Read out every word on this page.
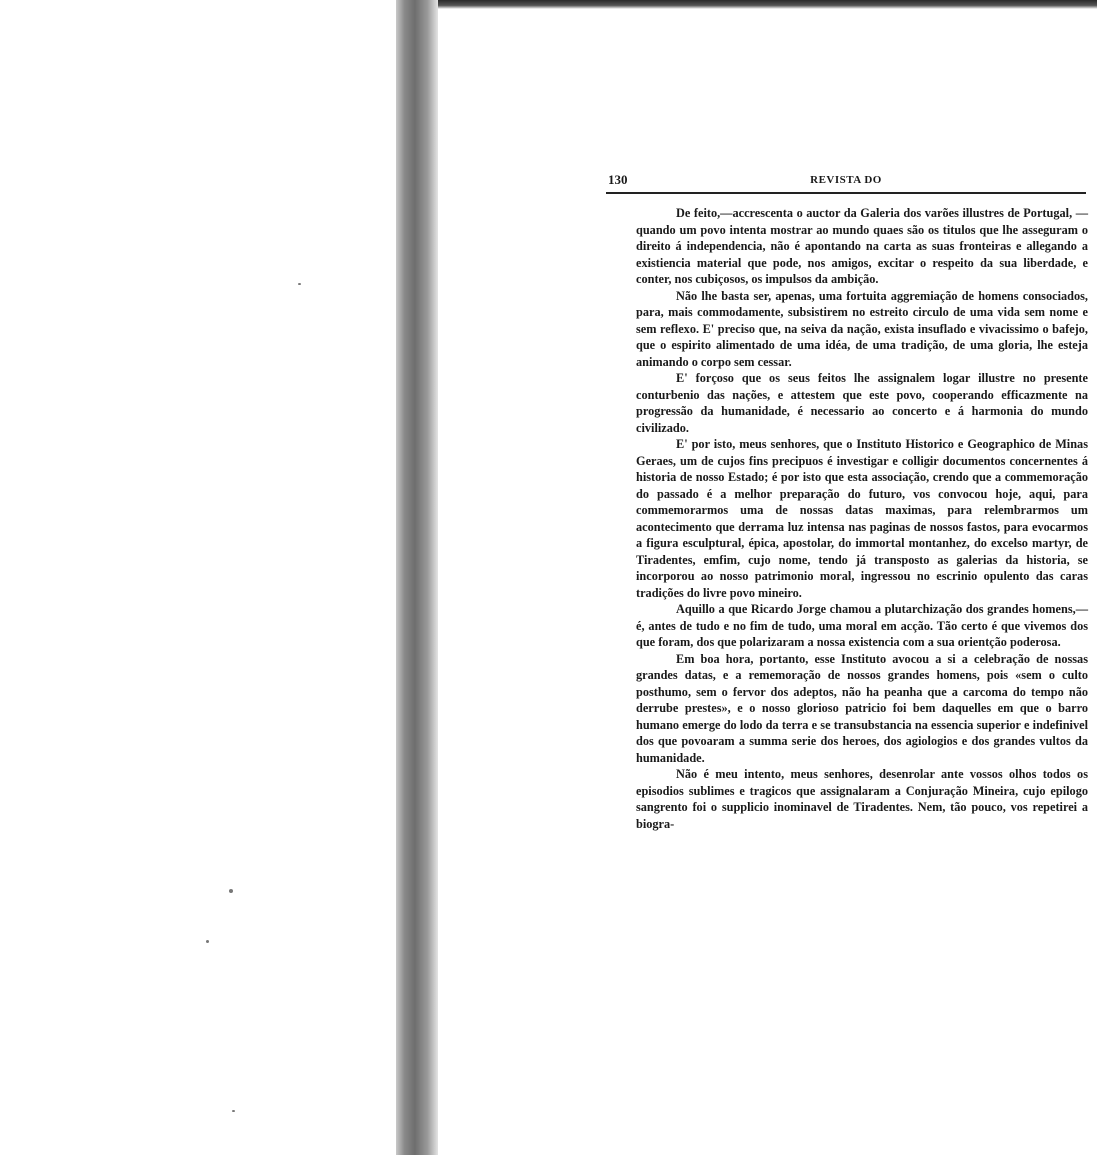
130	REVISTA DO

De feito,—accrescenta o auctor da Galeria dos varões illustres de Portugal, — quando um povo intenta mostrar ao mundo quaes são os titulos que lhe asseguram o direito á independencia, não é apontando na carta as suas fronteiras e allegando a existiencia material que pode, nos amigos, excitar o respeito da sua liberdade, e conter, nos cubiçosos, os impulsos da ambição.

Não lhe basta ser, apenas, uma fortuita aggremiação de homens consociados, para, mais commodamente, subsistirem no estreito circulo de uma vida sem nome e sem reflexo. E' preciso que, na seiva da nação, exista insuflado e vivacissimo o bafejo, que o espirito alimentado de uma idéa, de uma tradição, de uma gloria, lhe esteja animando o corpo sem cessar.

E' forçoso que os seus feitos lhe assignalem logar illustre no presente conturbenio das nações, e attestem que este povo, cooperando efficazmente na progressão da humanidade, é necessario ao concerto e á harmonia do mundo civilizado.

E' por isto, meus senhores, que o Instituto Historico e Geographico de Minas Geraes, um de cujos fins precipuos é investigar e colligir documentos concernentes á historia de nosso Estado; é por isto que esta associação, crendo que a commemoração do passado é a melhor preparação do futuro, vos convocou hoje, aqui, para commemorarmos uma de nossas datas maximas, para relembrarmos um acontecimento que derrama luz intensa nas paginas de nossos fastos, para evocarmos a figura esculptural, épica, apostolar, do immortal montanhez, do excelso martyr, de Tiradentes, emfim, cujo nome, tendo já transposto as galerias da historia, se incorporou ao nosso patrimonio moral, ingressou no escrinio opulento das caras tradições do livre povo mineiro.

Aquillo a que Ricardo Jorge chamou a plutarchização dos grandes homens,—é, antes de tudo e no fim de tudo, uma moral em acção. Tão certo é que vivemos dos que foram, dos que polarizaram a nossa existencia com a sua orientção poderosa.

Em boa hora, portanto, esse Instituto avocou a si a celebração de nossas grandes datas, e a rememoração de nossos grandes homens, pois «sem o culto posthumo, sem o fervor dos adeptos, não ha peanha que a carcoma do tempo não derrube prestes», e o nosso glorioso patricio foi bem daquelles em que o barro humano emerge do lodo da terra e se transubstancia na essencia superior e indefinivel dos que povoaram a summa serie dos heroes, dos agiologios e dos grandes vultos da humanidade.

Não é meu intento, meus senhores, desenrolar ante vossos olhos todos os episodios sublimes e tragicos que assignalaram a Conjuração Mineira, cujo epilogo sangrento foi o supplicio inominavel de Tiradentes. Nem, tão pouco, vos repetirei a biogra-
